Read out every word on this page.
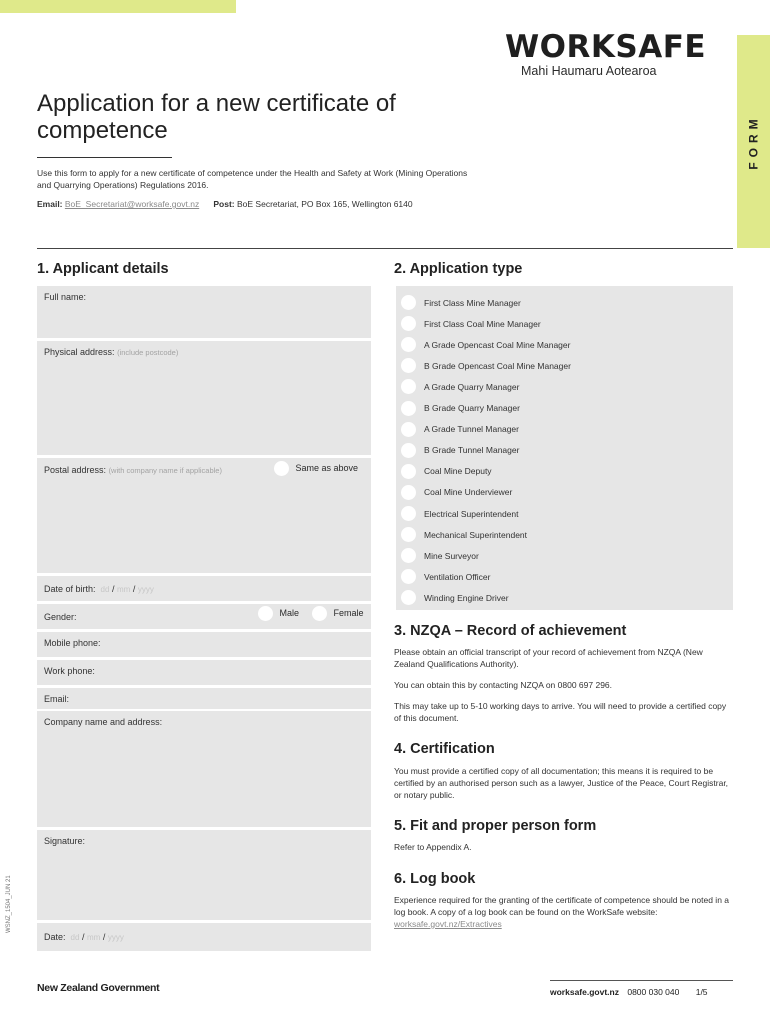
FORM
WORKSAFE
Mahi Haumaru Aotearoa
Application for a new certificate of competence
Use this form to apply for a new certificate of competence under the Health and Safety at Work (Mining Operations and Quarrying Operations) Regulations 2016.
Email: BoE_Secretariat@worksafe.govt.nz Post: BoE Secretariat, PO Box 165, Wellington 6140
1. Applicant details
Full name:
Physical address: (include postcode)
Postal address: (with company name if applicable)	Same as above
Date of birth: dd / mm / yyyy
Gender:	Male	Female
Mobile phone:
Work phone:
Email:
Company name and address:
Signature:
Date: dd / mm / yyyy
2. Application type
First Class Mine Manager
First Class Coal Mine Manager
A Grade Opencast Coal Mine Manager
B Grade Opencast Coal Mine Manager
A Grade Quarry Manager
B Grade Quarry Manager
A Grade Tunnel Manager
B Grade Tunnel Manager
Coal Mine Deputy
Coal Mine Underviewer
Electrical Superintendent
Mechanical Superintendent
Mine Surveyor
Ventilation Officer
Winding Engine Driver
3. NZQA – Record of achievement
Please obtain an official transcript of your record of achievement from NZQA (New Zealand Qualifications Authority).
You can obtain this by contacting NZQA on 0800 697 296.
This may take up to 5-10 working days to arrive. You will need to provide a certified copy of this document.
4. Certification
You must provide a certified copy of all documentation; this means it is required to be certified by an authorised person such as a lawyer, Justice of the Peace, Court Registrar, or notary public.
5. Fit and proper person form
Refer to Appendix A.
6. Log book
Experience required for the granting of the certificate of competence should be noted in a log book. A copy of a log book can be found on the WorkSafe website: worksafe.govt.nz/Extractives
WSNZ_1504_JUN 21
New Zealand Government	worksafe.govt.nz 0800 030 040 1/5
